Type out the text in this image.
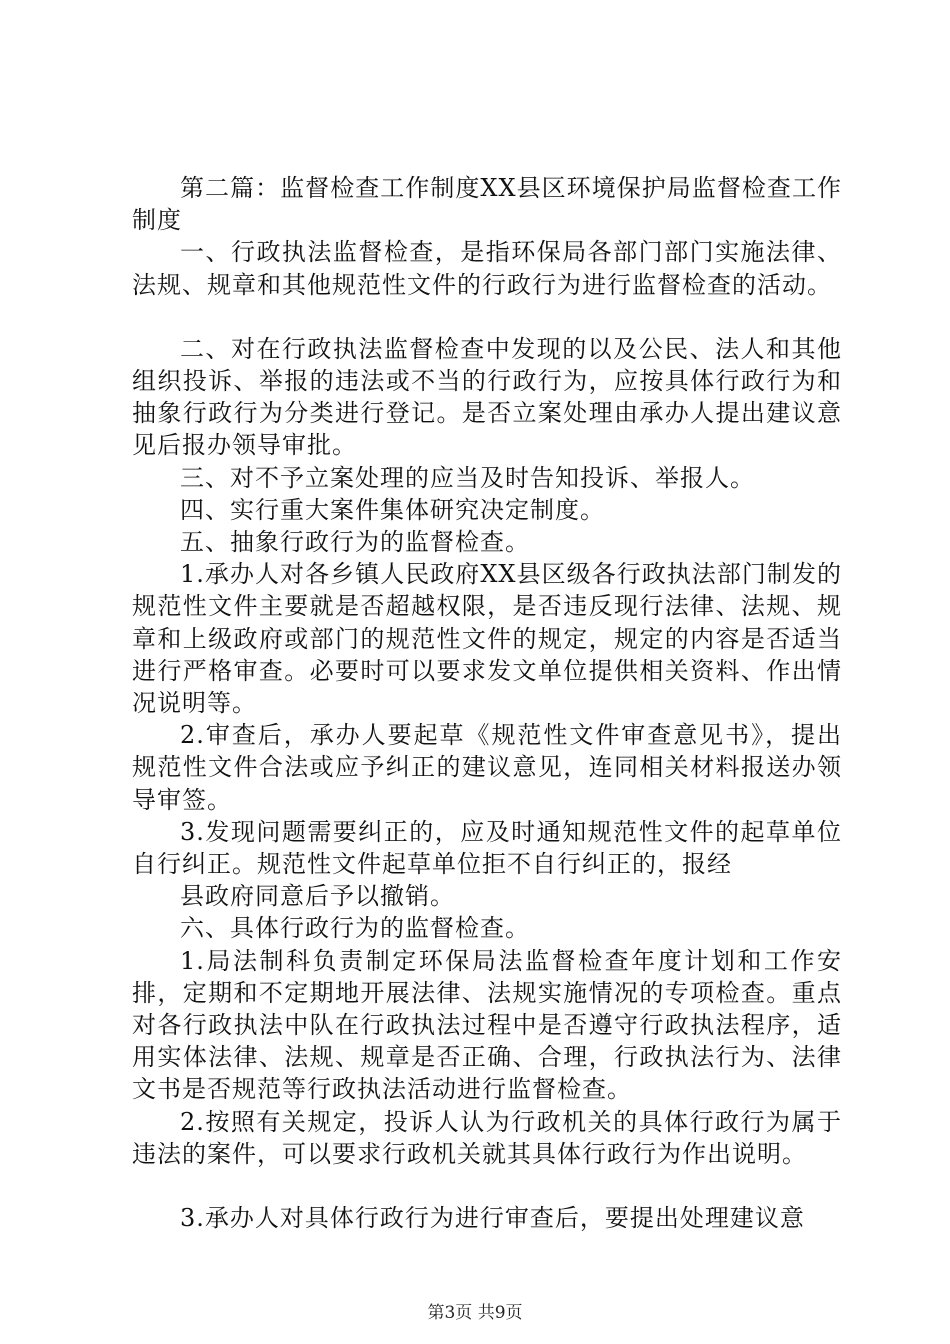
第二篇：监督检查工作制度XX县区环境保护局监督检查工作制度

一、行政执法监督检查，是指环保局各部门部门实施法律、法规、规章和其他规范性文件的行政行为进行监督检查的活动。

二、对在行政执法监督检查中发现的以及公民、法人和其他组织投诉、举报的违法或不当的行政行为，应按具体行政行为和抽象行政行为分类进行登记。是否立案处理由承办人提出建议意见后报办领导审批。

三、对不予立案处理的应当及时告知投诉、举报人。

四、实行重大案件集体研究决定制度。

五、抽象行政行为的监督检查。

1.承办人对各乡镇人民政府XX县区级各行政执法部门制发的规范性文件主要就是否超越权限，是否违反现行法律、法规、规章和上级政府或部门的规范性文件的规定，规定的内容是否适当进行严格审查。必要时可以要求发文单位提供相关资料、作出情况说明等。

2.审查后，承办人要起草《规范性文件审查意见书》，提出规范性文件合法或应予纠正的建议意见，连同相关材料报送办领导审签。

3.发现问题需要纠正的，应及时通知规范性文件的起草单位自行纠正。规范性文件起草单位拒不自行纠正的，报经

县政府同意后予以撤销。

六、具体行政行为的监督检查。

1.局法制科负责制定环保局法监督检查年度计划和工作安排，定期和不定期地开展法律、法规实施情况的专项检查。重点对各行政执法中队在行政执法过程中是否遵守行政执法程序，适用实体法律、法规、规章是否正确、合理，行政执法行为、法律文书是否规范等行政执法活动进行监督检查。

2.按照有关规定，投诉人认为行政机关的具体行政行为属于违法的案件，可以要求行政机关就其具体行政行为作出说明。

3.承办人对具体行政行为进行审查后，要提出处理建议意

第3页 共9页
